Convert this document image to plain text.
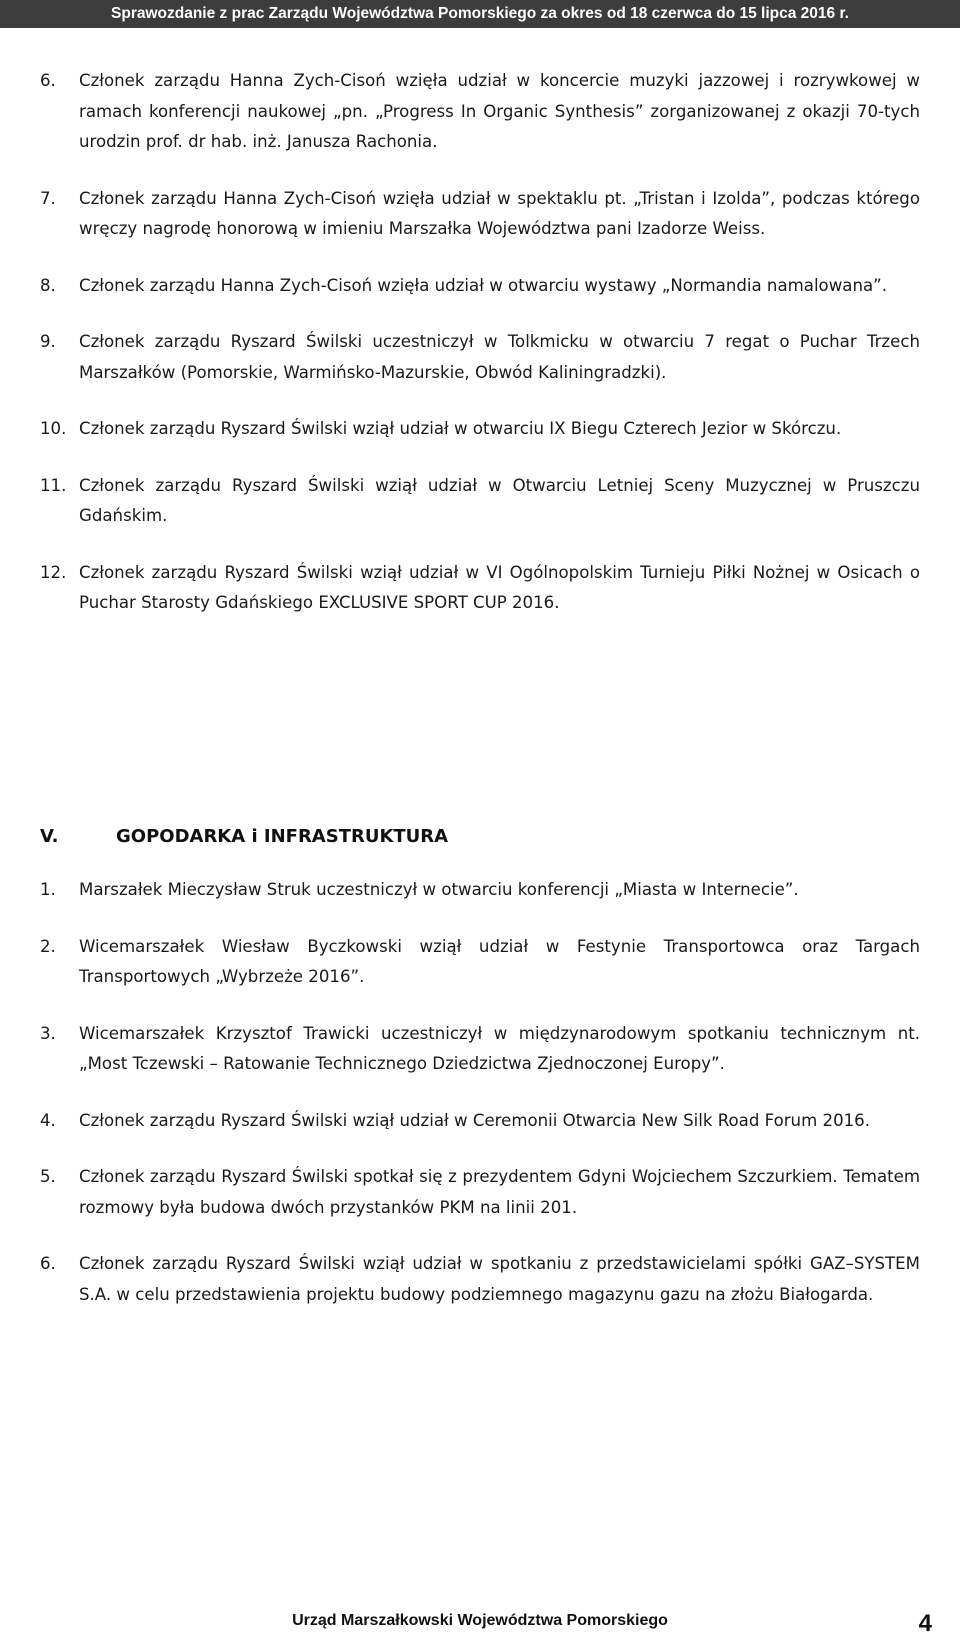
Sprawozdanie z prac Zarządu Województwa Pomorskiego za okres od 18 czerwca do 15 lipca 2016 r.
6.	Członek zarządu Hanna Zych-Cisoń wzięła udział w koncercie muzyki jazzowej i rozrywkowej w ramach konferencji naukowej „pn. „Progress In Organic Synthesis” zorganizowanej z okazji 70-tych urodzin prof. dr hab. inż. Janusza Rachonia.
7.	Członek zarządu Hanna Zych-Cisoń wzięła udział w spektaklu pt. „Tristan i Izolda”, podczas którego wręczy nagrodę honorową w imieniu Marszałka Województwa pani Izadorze Weiss.
8.	Członek zarządu Hanna Zych-Cisoń wzięła udział w otwarciu wystawy „Normandia namalowana”.
9.	Członek zarządu Ryszard Świlski uczestniczył w Tolkmicku w otwarciu 7 regat o Puchar Trzech Marszałków (Pomorskie, Warmińsko-Mazurskie, Obwód Kaliningradzki).
10. Członek zarządu Ryszard Świlski wziął udział w otwarciu IX Biegu Czterech Jezior w Skórczu.
11. Członek zarządu Ryszard Świlski wziął udział w Otwarciu Letniej Sceny Muzycznej w Pruszczu Gdańskim.
12. Członek zarządu Ryszard Świlski wziął udział w VI Ogólnopolskim Turnieju Piłki Nożnej w Osicach o Puchar Starosty Gdańskiego EXCLUSIVE SPORT CUP 2016.
V.	GOPODARKA i INFRASTRUKTURA
1.	Marszałek Mieczysław Struk uczestniczył w otwarciu konferencji „Miasta w Internecie”.
2.	Wicemarszałek Wiesław Byczkowski wziął udział w Festynie Transportowca oraz Targach Transportowych „Wybrzeże 2016”.
3.	Wicemarszałek Krzysztof Trawicki uczestniczył w międzynarodowym spotkaniu technicznym nt. „Most Tczewski – Ratowanie Technicznego Dziedzictwa Zjednoczonej Europy”.
4.	Członek zarządu Ryszard Świlski wziął udział w Ceremonii Otwarcia New Silk Road Forum 2016.
5.	Członek zarządu Ryszard Świlski spotkał się z prezydentem Gdyni Wojciechem Szczurkiem. Tematem rozmowy była budowa dwóch przystanków PKM na linii 201.
6.	Członek zarządu Ryszard Świlski wziął udział w spotkaniu z przedstawicielami spółki GAZ–SYSTEM S.A. w celu przedstawienia projektu budowy podziemnego magazynu gazu na złożu Białogarda.
Urząd Marszałkowski Województwa Pomorskiego	4
